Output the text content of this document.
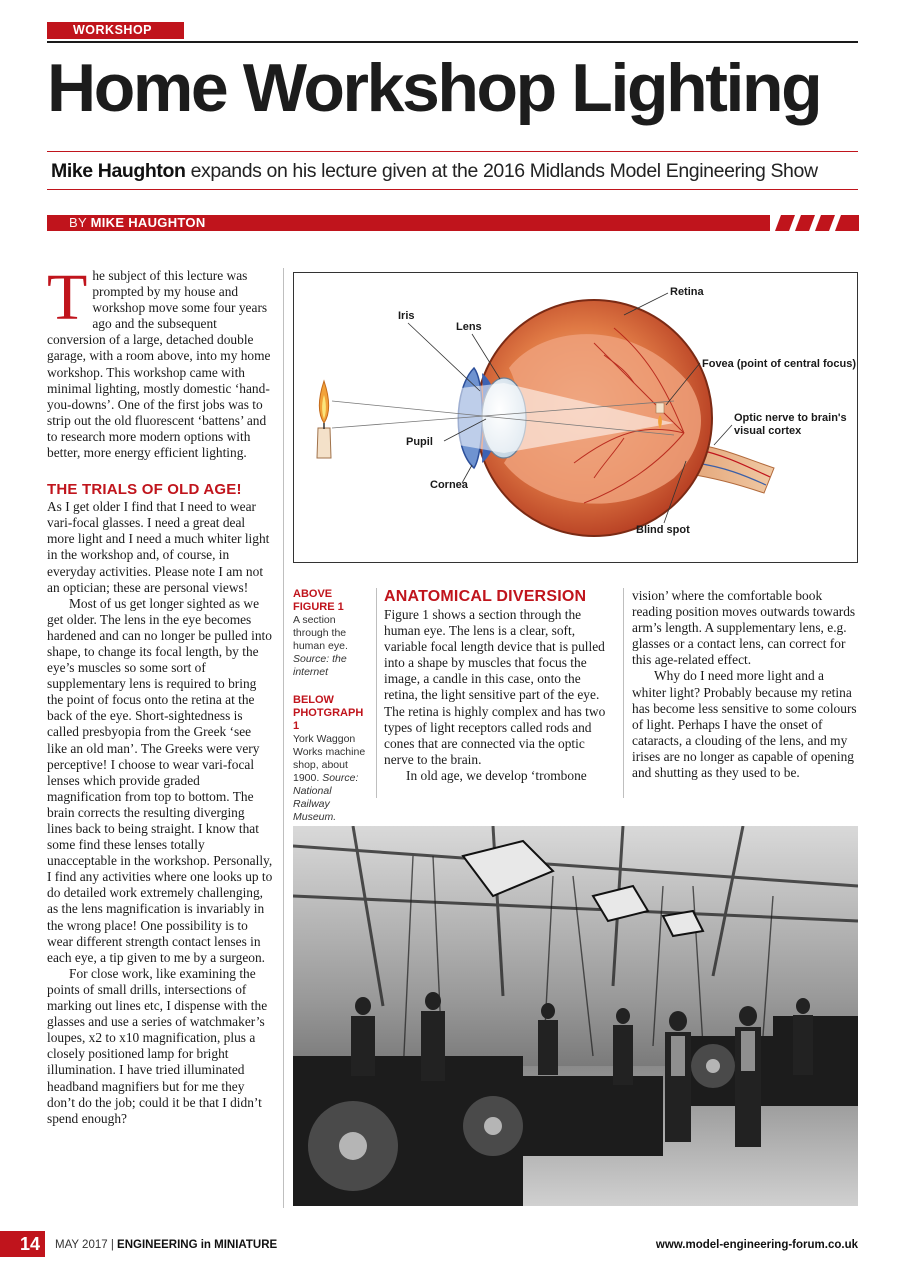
WORKSHOP
Home Workshop Lighting
Mike Haughton expands on his lecture given at the 2016 Midlands Model Engineering Show
BY MIKE HAUGHTON

The subject of this lecture was prompted by my house and workshop move some four years ago and the subsequent conversion of a large, detached double garage, with a room above, into my home workshop. This workshop came with minimal lighting, mostly domestic ‘hand-you-downs’. One of the first jobs was to strip out the old fluorescent ‘battens’ and to research more modern options with better, more energy efficient lighting.

THE TRIALS OF OLD AGE!

As I get older I find that I need to wear vari-focal glasses. I need a great deal more light and I need a much whiter light in the workshop and, of course, in everyday activities. Please note I am not an optician; these are personal views!

Most of us get longer sighted as we get older. The lens in the eye becomes hardened and can no longer be pulled into shape, to change its focal length, by the eye’s muscles so some sort of supplementary lens is required to bring the point of focus onto the retina at the back of the eye. Short-sightedness is called presbyopia from the Greek ‘see like an old man’. The Greeks were very perceptive! I choose to wear vari-focal lenses which provide graded magnification from top to bottom. The brain corrects the resulting diverging lines back to being straight. I know that some find these lenses totally unacceptable in the workshop. Personally, I find any activities where one looks up to do detailed work extremely challenging, as the lens magnification is invariably in the wrong place! One possibility is to wear different strength contact lenses in each eye, a tip given to me by a surgeon.

For close work, like examining the points of small drills, intersections of marking out lines etc, I dispense with the glasses and use a series of watchmaker’s loupes, x2 to x10 magnification, plus a closely positioned lamp for bright illumination. I have tried illuminated headband magnifiers but for me they don’t do the job; could it be that I didn’t spend enough?

Iris
Lens
Retina
Fovea (point of central focus)
Optic nerve to brain's
visual cortex
Pupil
Cornea
Blind spot
ABOVE
FIGURE 1
A section through the human eye. Source: the internet
BELOW
PHOTGRAPH 1
York Waggon Works machine shop, about 1900. Source: National Railway Museum.
ANATOMICAL DIVERSION

Figure 1 shows a section through the human eye. The lens is a clear, soft, variable focal length device that is pulled into a shape by muscles that focus the image, a candle in this case, onto the retina, the light sensitive part of the eye. The retina is highly complex and has two types of light receptors called rods and cones that are connected via the optic nerve to the brain.

In old age, we develop ‘trombone

vision’ where the comfortable book reading position moves outwards towards arm’s length. A supplementary lens, e.g. glasses or a contact lens, can correct for this age-related effect.

Why do I need more light and a whiter light? Probably because my retina has become less sensitive to some colours of light. Perhaps I have the onset of cataracts, a clouding of the lens, and my irises are no longer as capable of opening and shutting as they used to be.

14	MAY 2017 | ENGINEERING in MINIATURE	www.model-engineering-forum.co.uk
